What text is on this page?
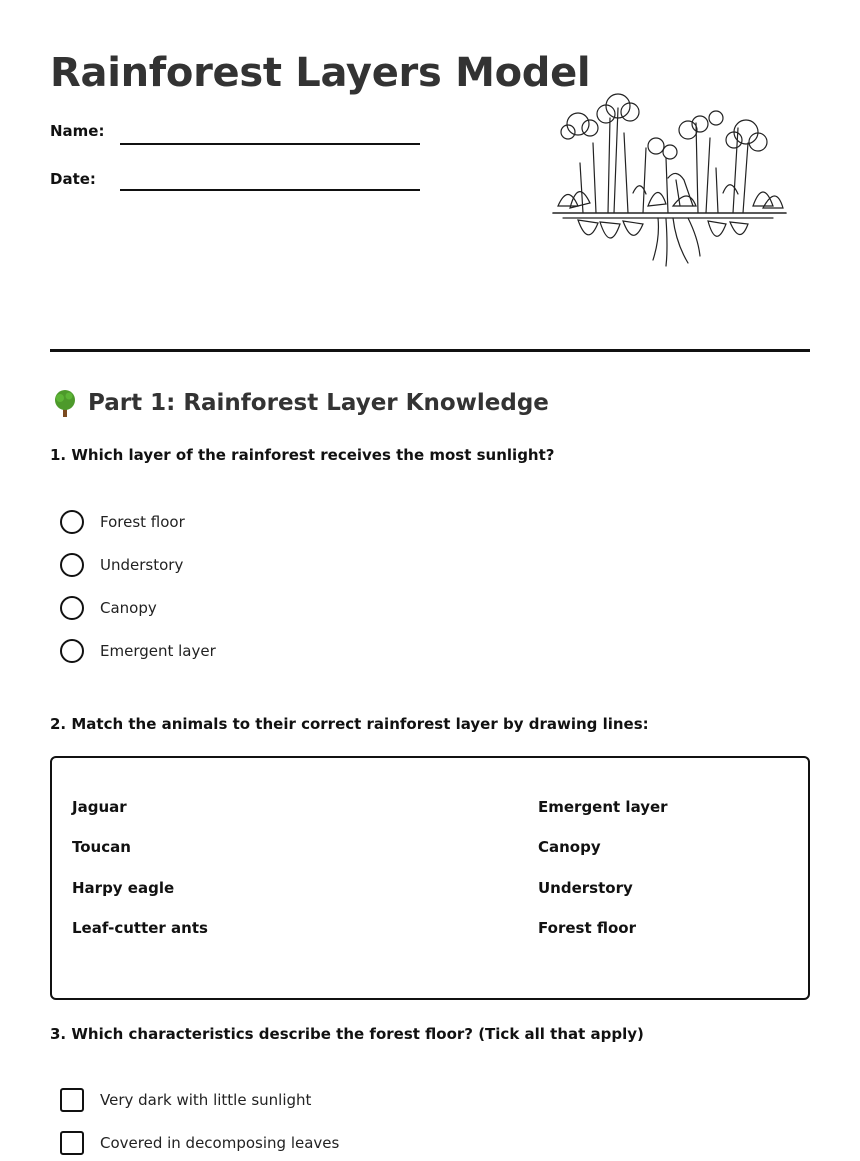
Rainforest Layers Model
Name:
Date:
Part 1: Rainforest Layer Knowledge
1. Which layer of the rainforest receives the most sunlight?
Forest floor
Understory
Canopy
Emergent layer
2. Match the animals to their correct rainforest layer by drawing lines:
Jaguar
Toucan
Harpy eagle
Leaf-cutter ants
Emergent layer
Canopy
Understory
Forest floor
3. Which characteristics describe the forest floor? (Tick all that apply)
Very dark with little sunlight
Covered in decomposing leaves
